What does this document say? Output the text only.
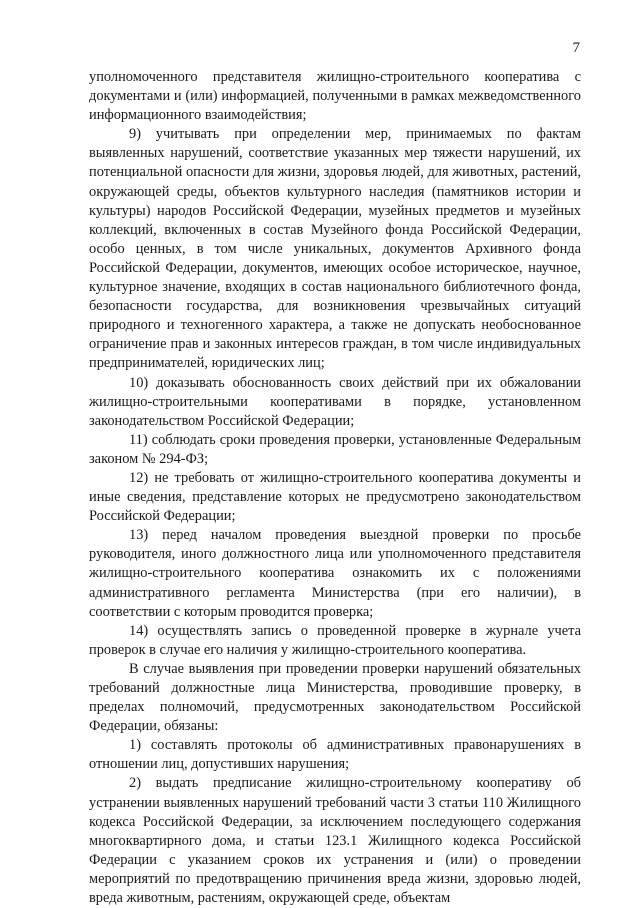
7

уполномоченного представителя жилищно-строительного кооператива с документами и (или) информацией, полученными в рамках межведомственного информационного взаимодействия;

9) учитывать при определении мер, принимаемых по фактам выявленных нарушений, соответствие указанных мер тяжести нарушений, их потенциальной опасности для жизни, здоровья людей, для животных, растений, окружающей среды, объектов культурного наследия (памятников истории и культуры) народов Российской Федерации, музейных предметов и музейных коллекций, включенных в состав Музейного фонда Российской Федерации, особо ценных, в том числе уникальных, документов Архивного фонда Российской Федерации, документов, имеющих особое историческое, научное, культурное значение, входящих в состав национального библиотечного фонда, безопасности государства, для возникновения чрезвычайных ситуаций природного и техногенного характера, а также не допускать необоснованное ограничение прав и законных интересов граждан, в том числе индивидуальных предпринимателей, юридических лиц;

10) доказывать обоснованность своих действий при их обжаловании жилищно-строительными кооперативами в порядке, установленном законодательством Российской Федерации;

11) соблюдать сроки проведения проверки, установленные Федеральным законом № 294-ФЗ;

12) не требовать от жилищно-строительного кооператива документы и иные сведения, представление которых не предусмотрено законодательством Российской Федерации;

13) перед началом проведения выездной проверки по просьбе руководителя, иного должностного лица или уполномоченного представителя жилищно-строительного кооператива ознакомить их с положениями административного регламента Министерства (при его наличии), в соответствии с которым проводится проверка;

14) осуществлять запись о проведенной проверке в журнале учета проверок в случае его наличия у жилищно-строительного кооператива.

В случае выявления при проведении проверки нарушений обязательных требований должностные лица Министерства, проводившие проверку, в пределах полномочий, предусмотренных законодательством Российской Федерации, обязаны:

1) составлять протоколы об административных правонарушениях в отношении лиц, допустивших нарушения;

2) выдать предписание жилищно-строительному кооперативу об устранении выявленных нарушений требований части 3 статьи 110 Жилищного кодекса Российской Федерации, за исключением последующего содержания многоквартирного дома, и статьи 123.1 Жилищного кодекса Российской Федерации с указанием сроков их устранения и (или) о проведении мероприятий по предотвращению причинения вреда жизни, здоровью людей, вреда животным, растениям, окружающей среде, объектам
